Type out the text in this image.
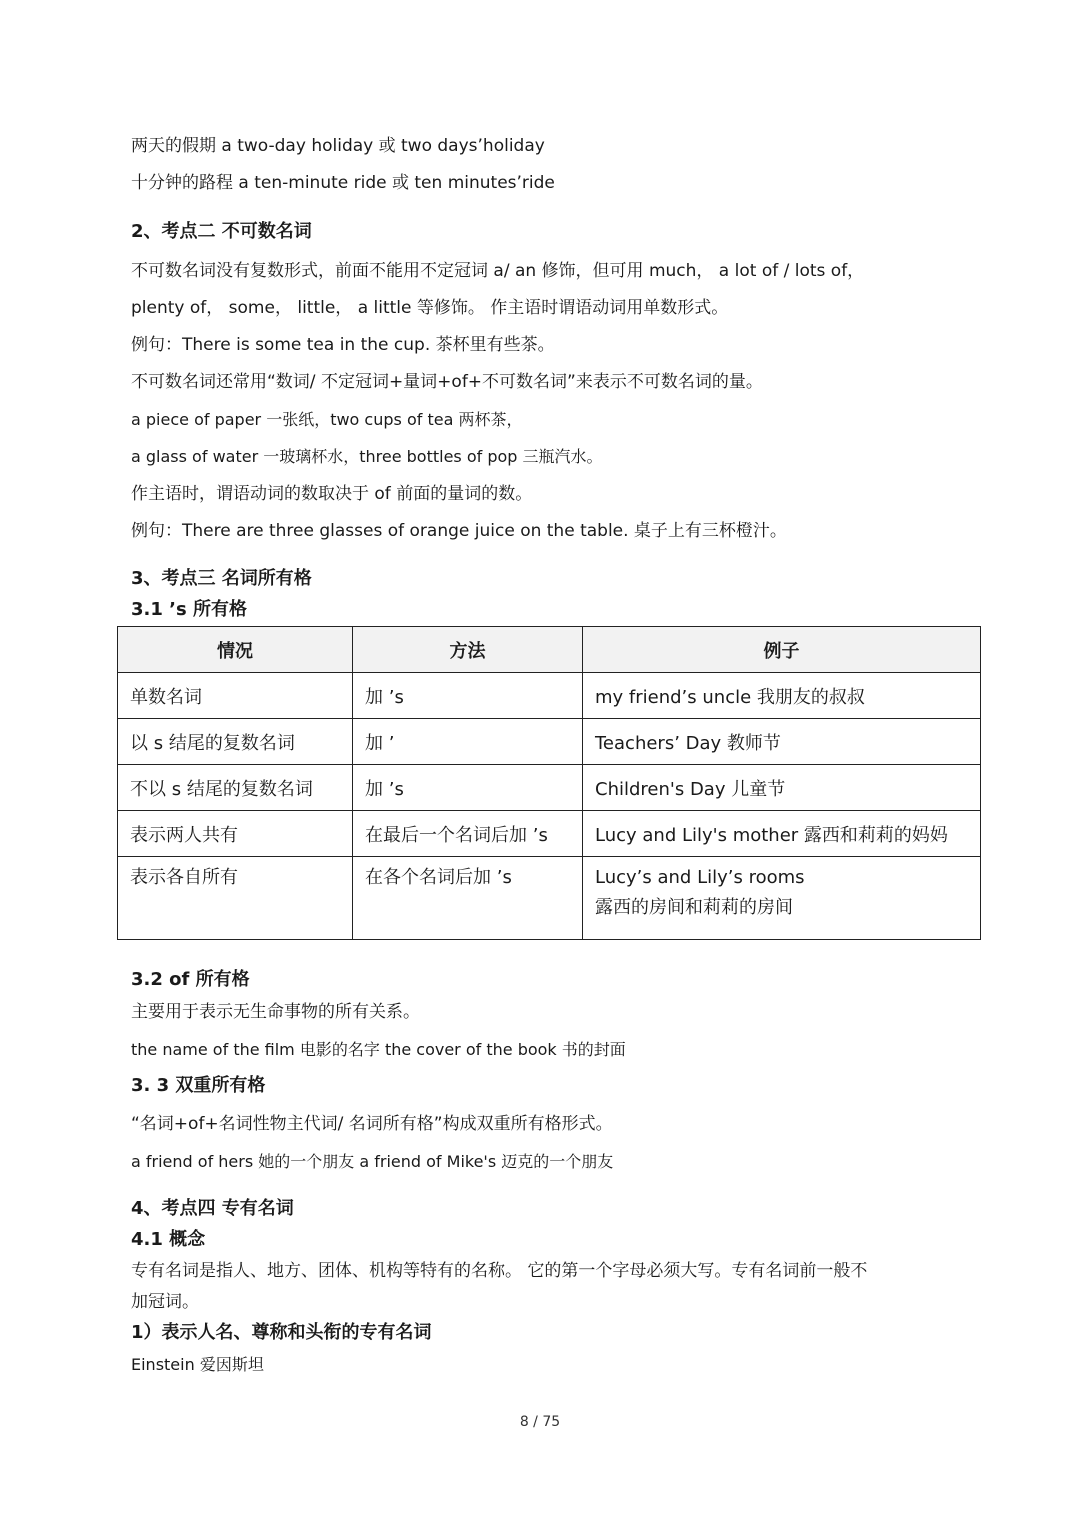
两天的假期 a two-day holiday 或 two days’holiday
十分钟的路程 a ten-minute ride 或 ten minutes’ride
2、考点二 不可数名词
不可数名词没有复数形式，前面不能用不定冠词 a/ an 修饰，但可用 much， a lot of / lots of，
plenty of， some， little， a little 等修饰。 作主语时谓语动词用单数形式。
例句：There is some tea in the cup. 茶杯里有些茶。
不可数名词还常用“数词/ 不定冠词+量词+of+不可数名词”来表示不可数名词的量。
a piece of paper 一张纸，two cups of tea 两杯茶，
a glass of water 一玻璃杯水，three bottles of pop 三瓶汽水。
作主语时，谓语动词的数取决于 of 前面的量词的数。
例句：There are three glasses of orange juice on the table. 桌子上有三杯橙汁。
3、考点三 名词所有格
3.1 ’s 所有格
情况	方法	例子
单数名词	加 ’s	my friend’s uncle 我朋友的叔叔
以 s 结尾的复数名词	加 ’	Teachers’ Day 教师节
不以 s 结尾的复数名词	加 ’s	Children's Day 儿童节
表示两人共有	在最后一个名词后加 ’s	Lucy and Lily's mother 露西和莉莉的妈妈
表示各自所有	在各个名词后加 ’s	Lucy’s and Lily’s rooms
露西的房间和莉莉的房间
3.2 of 所有格
主要用于表示无生命事物的所有关系。
the name of the film 电影的名字 the cover of the book 书的封面
3. 3 双重所有格
“名词+of+名词性物主代词/ 名词所有格”构成双重所有格形式。
a friend of hers 她的一个朋友 a friend of Mike's 迈克的一个朋友
4、考点四 专有名词
4.1 概念
专有名词是指人、地方、团体、机构等特有的名称。 它的第一个字母必须大写。专有名词前一般不
加冠词。
1）表示人名、尊称和头衔的专有名词
Einstein 爱因斯坦
8 / 75
